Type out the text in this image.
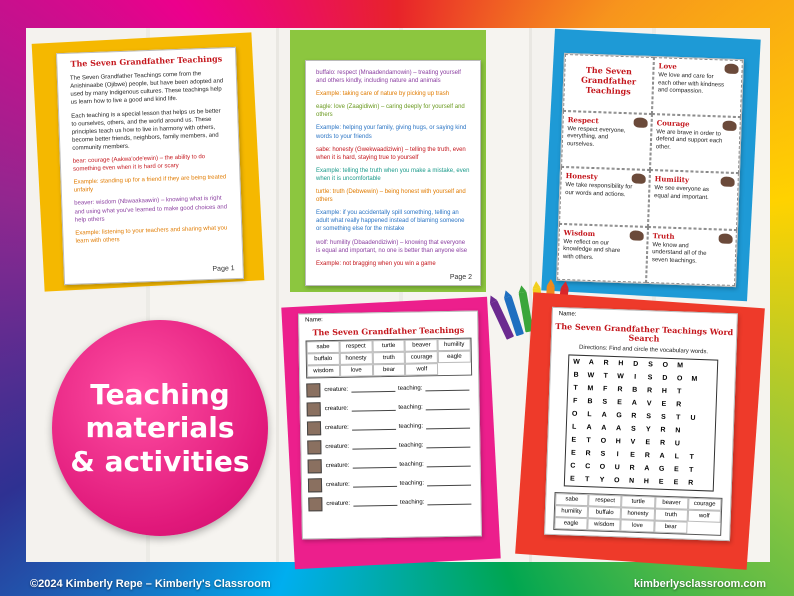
The Seven Grandfather Teachings
The Seven Grandfather Teachings come from the Anishinaabe (Ojibwe) people, but have been adopted and used by many Indigenous cultures. These teachings help us learn how to live a good and kind life.
Each teaching is a special lesson that helps us be better to ourselves, others, and the world around us. These principles teach us how to live in harmony with others, become better friends, neighbors, family members, and community members.
bear: courage (Aakwa'ode'ewin) – the ability to do something even when it is hard or scary
Example: standing up for a friend if they are being treated unfairly
beaver: wisdom (Nbwaakaawin) – knowing what is right and using what you've learned to make good choices and help others
Example: listening to your teachers and sharing what you learn with others
Page 1
buffalo: respect (Mnaadendamowin) – treating yourself and others kindly, including nature and animals
Example: taking care of nature by picking up trash
eagle: love (Zaagidiwin) – caring deeply for yourself and others
Example: helping your family, giving hugs, or saying kind words to your friends
sabe: honesty (Gwekwaadiziwin) – telling the truth, even when it is hard, staying true to yourself
Example: telling the truth when you make a mistake, even when it is uncomfortable
turtle: truth (Debwewin) – being honest with yourself and others
Example: if you accidentally spill something, telling an adult what really happened instead of blaming someone or something else for the mistake
wolf: humility (Dbaadendiziwin) – knowing that everyone is equal and important, no one is better than anyone else
Example: not bragging when you win a game
Page 2
The Seven Grandfather Teachings
Love
We love and care for each other with kindness and compassion.
Respect
We respect everyone, everything, and ourselves.
Courage
We are brave in order to defend and support each other.
Honesty
We take responsibility for our words and actions.
Humility
We see everyone as equal and important.
Wisdom
We reflect on our knowledge and share with others.
Truth
We know and understand all of the seven teachings.
Name:
The Seven Grandfather Teachings
sabe	respect	turtle	beaver	humility
buffalo	honesty	truth	courage	eagle
wisdom	love	bear	wolf
creature:	teaching:
creature:	teaching:
creature:	teaching:
creature:	teaching:
creature:	teaching:
creature:	teaching:
creature:	teaching:
Name:
The Seven Grandfather Teachings Word Search
Directions: Find and circle the vocabulary words.
W	A	R	H	D	S	O	M
B	W	T	W	I	S	D	O	M
T	M	F	R	B	R	H	T
F	B	S	E	A	V	E	R
O	L	A	G	R	S	S	T	U
L	A	A	A	S	Y	R	N
E	T	O	H	V	E	R	U
E	R	S	I	E	R	A	L	T
C	C	O	U	R	A	G	E	T
E	T	Y	O	N	H	E	E	R
sabe	respect	turtle	beaver	courage
humility	buffalo	honesty	truth	wolf
eagle	wisdom	love	bear
Teaching
materials
& activities
©2024 Kimberly Repe – Kimberly's Classroom	kimberlysclassroom.com
